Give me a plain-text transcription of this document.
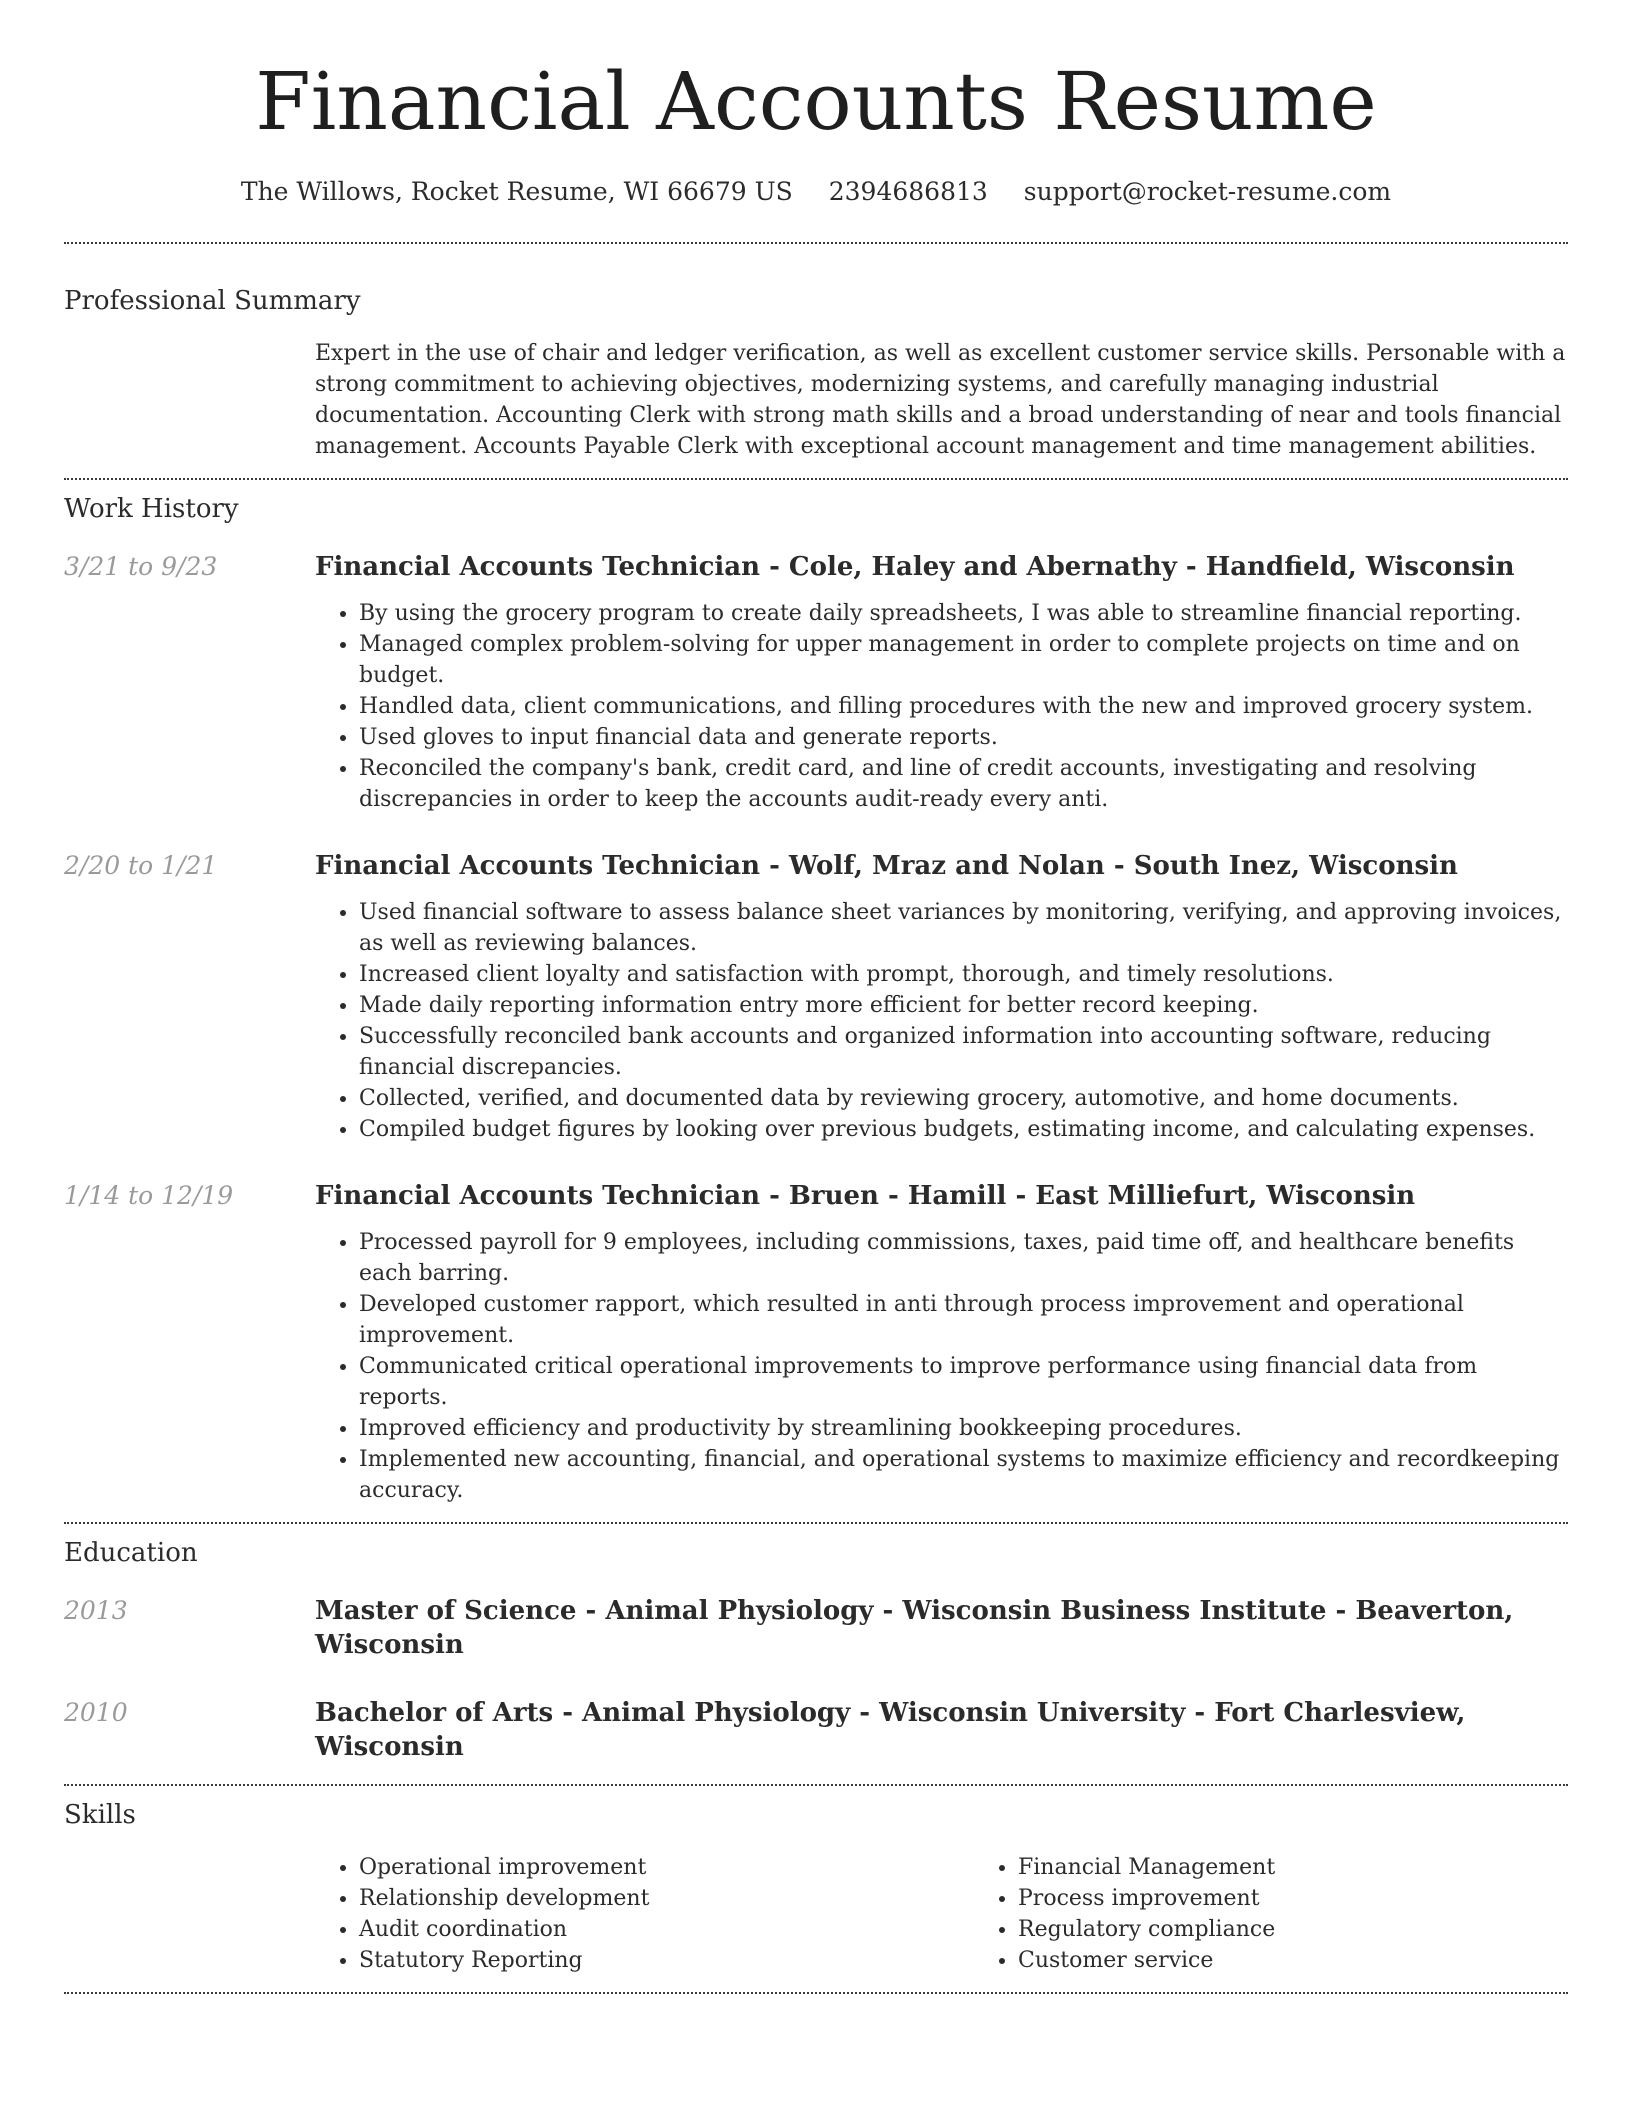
Financial Accounts Resume
The Willows, Rocket Resume, WI 66679 US 2394686813 support@rocket-resume.com
Professional Summary

Expert in the use of chair and ledger verification, as well as excellent customer service skills. Personable with a strong commitment to achieving objectives, modernizing systems, and carefully managing industrial documentation. Accounting Clerk with strong math skills and a broad understanding of near and tools financial management. Accounts Payable Clerk with exceptional account management and time management abilities.

Work History
3/21 to 9/23	Financial Accounts Technician - Cole, Haley and Abernathy - Handfield, Wisconsin
• By using the grocery program to create daily spreadsheets, I was able to streamline financial reporting.
• Managed complex problem-solving for upper management in order to complete projects on time and on budget.
• Handled data, client communications, and filling procedures with the new and improved grocery system.
• Used gloves to input financial data and generate reports.
• Reconciled the company's bank, credit card, and line of credit accounts, investigating and resolving discrepancies in order to keep the accounts audit-ready every anti.
2/20 to 1/21	Financial Accounts Technician - Wolf, Mraz and Nolan - South Inez, Wisconsin
• Used financial software to assess balance sheet variances by monitoring, verifying, and approving invoices, as well as reviewing balances.
• Increased client loyalty and satisfaction with prompt, thorough, and timely resolutions.
• Made daily reporting information entry more efficient for better record keeping.
• Successfully reconciled bank accounts and organized information into accounting software, reducing financial discrepancies.
• Collected, verified, and documented data by reviewing grocery, automotive, and home documents.
• Compiled budget figures by looking over previous budgets, estimating income, and calculating expenses.
1/14 to 12/19	Financial Accounts Technician - Bruen - Hamill - East Milliefurt, Wisconsin
• Processed payroll for 9 employees, including commissions, taxes, paid time off, and healthcare benefits each barring.
• Developed customer rapport, which resulted in anti through process improvement and operational improvement.
• Communicated critical operational improvements to improve performance using financial data from reports.
• Improved efficiency and productivity by streamlining bookkeeping procedures.
• Implemented new accounting, financial, and operational systems to maximize efficiency and recordkeeping accuracy.
Education
2013	Master of Science - Animal Physiology - Wisconsin Business Institute - Beaverton, Wisconsin
2010	Bachelor of Arts - Animal Physiology - Wisconsin University - Fort Charlesview, Wisconsin
Skills
• Operational improvement
• Relationship development
• Audit coordination
• Statutory Reporting
• Financial Management
• Process improvement
• Regulatory compliance
• Customer service
